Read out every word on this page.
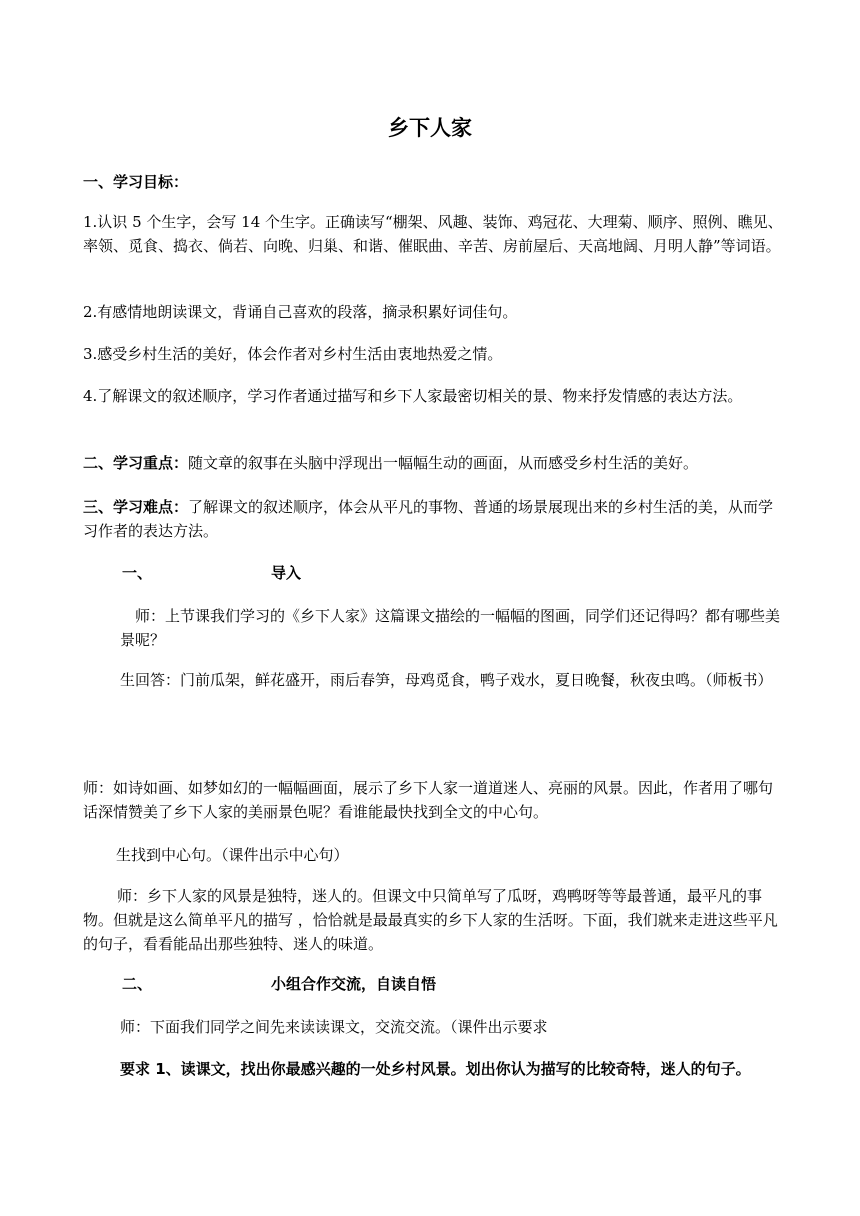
乡下人家

一、学习目标：

1.认识 5 个生字，会写 14 个生字。正确读写“棚架、风趣、装饰、鸡冠花、大理菊、顺序、照例、瞧见、率领、觅食、捣衣、倘若、向晚、归巢、和谐、催眠曲、辛苦、房前屋后、天高地阔、月明人静”等词语。

2.有感情地朗读课文，背诵自己喜欢的段落，摘录积累好词佳句。

3.感受乡村生活的美好，体会作者对乡村生活由衷地热爱之情。

4.了解课文的叙述顺序，学习作者通过描写和乡下人家最密切相关的景、物来抒发情感的表达方法。

二、学习重点：随文章的叙事在头脑中浮现出一幅幅生动的画面，从而感受乡村生活的美好。

三、学习难点：了解课文的叙述顺序，体会从平凡的事物、普通的场景展现出来的乡村生活的美，从而学习作者的表达方法。

一、	导入

师：上节课我们学习的《乡下人家》这篇课文描绘的一幅幅的图画，同学们还记得吗？都有哪些美景呢？

生回答：门前瓜架，鲜花盛开，雨后春笋，母鸡觅食，鸭子戏水，夏日晚餐，秋夜虫鸣。（师板书）

师：如诗如画、如梦如幻的一幅幅画面，展示了乡下人家一道道迷人、亮丽的风景。因此，作者用了哪句话深情赞美了乡下人家的美丽景色呢？看谁能最快找到全文的中心句。

生找到中心句。（课件出示中心句）

师：乡下人家的风景是独特，迷人的。但课文中只简单写了瓜呀，鸡鸭呀等等最普通，最平凡的事物。但就是这么简单平凡的描写 ，恰恰就是最最真实的乡下人家的生活呀。下面，我们就来走进这些平凡的句子，看看能品出那些独特、迷人的味道。

二、	小组合作交流，自读自悟

师：下面我们同学之间先来读读课文，交流交流。（课件出示要求

要求 1、读课文，找出你最感兴趣的一处乡村风景。划出你认为描写的比较奇特，迷人的句子。
